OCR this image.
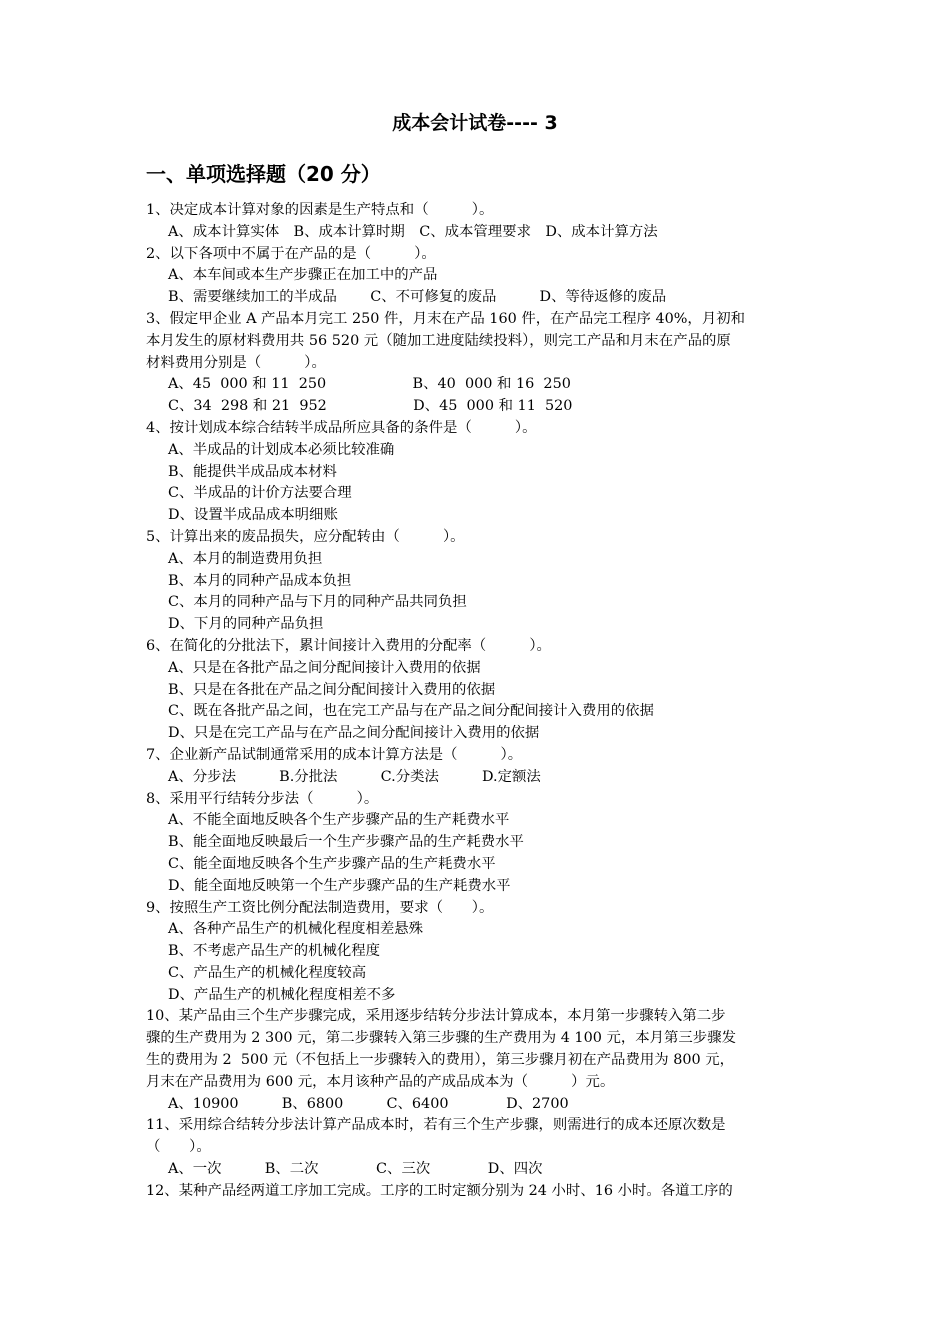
成本会计试卷---- 3
一、单项选择题（20 分）
1、决定成本计算对象的因素是生产特点和（　　　）。
A、成本计算实体　B、成本计算时期　C、成本管理要求　D、成本计算方法
2、以下各项中不属于在产品的是（　　　）。
A、本车间或本生产步骤正在加工中的产品
B、需要继续加工的半成品　　 C、不可修复的废品　　　D、等待返修的废品
3、假定甲企业 A 产品本月完工 250 件，月末在产品 160 件，在产品完工程序 40%，月初和
本月发生的原材料费用共 56 520 元（随加工进度陆续投料），则完工产品和月末在产品的原
材料费用分别是（　　　）。
A、45  000 和 11  250　　　　　　B、40  000 和 16  250
C、34  298 和 21  952　　　　　　D、45  000 和 11  520
4、按计划成本综合结转半成品所应具备的条件是（　　　）。
A、半成品的计划成本必须比较准确
B、能提供半成品成本材料
C、半成品的计价方法要合理
D、设置半成品成本明细账
5、计算出来的废品损失，应分配转由（　　　）。
A、本月的制造费用负担
B、本月的同种产品成本负担
C、本月的同种产品与下月的同种产品共同负担
D、下月的同种产品负担
6、在简化的分批法下，累计间接计入费用的分配率（　　　）。
A、只是在各批产品之间分配间接计入费用的依据
B、只是在各批在产品之间分配间接计入费用的依据
C、既在各批产品之间，也在完工产品与在产品之间分配间接计入费用的依据
D、只是在完工产品与在产品之间分配间接计入费用的依据
7、企业新产品试制通常采用的成本计算方法是（　　　）。
A、分步法　　　B.分批法　　　C.分类法　　　D.定额法
8、采用平行结转分步法（　　　）。
A、不能全面地反映各个生产步骤产品的生产耗费水平
B、能全面地反映最后一个生产步骤产品的生产耗费水平
C、能全面地反映各个生产步骤产品的生产耗费水平
D、能全面地反映第一个生产步骤产品的生产耗费水平
9、按照生产工资比例分配法制造费用，要求（　　）。
A、各种产品生产的机械化程度相差悬殊
B、不考虑产品生产的机械化程度
C、产品生产的机械化程度较高
D、产品生产的机械化程度相差不多
10、某产品由三个生产步骤完成，采用逐步结转分步法计算成本，本月第一步骤转入第二步
骤的生产费用为 2 300 元，第二步骤转入第三步骤的生产费用为 4 100 元，本月第三步骤发
生的费用为 2  500 元（不包括上一步骤转入的费用），第三步骤月初在产品费用为 800 元，
月末在产品费用为 600 元，本月该种产品的产成品成本为（　　　）元。
A、10900　　　B、6800　　　C、6400　　　　D、2700
11、采用综合结转分步法计算产品成本时，若有三个生产步骤，则需进行的成本还原次数是
（　　）。
A、一次　　　B、二次　　　　C、三次　　　　D、四次
12、某种产品经两道工序加工完成。工序的工时定额分别为 24 小时、16 小时。各道工序的
